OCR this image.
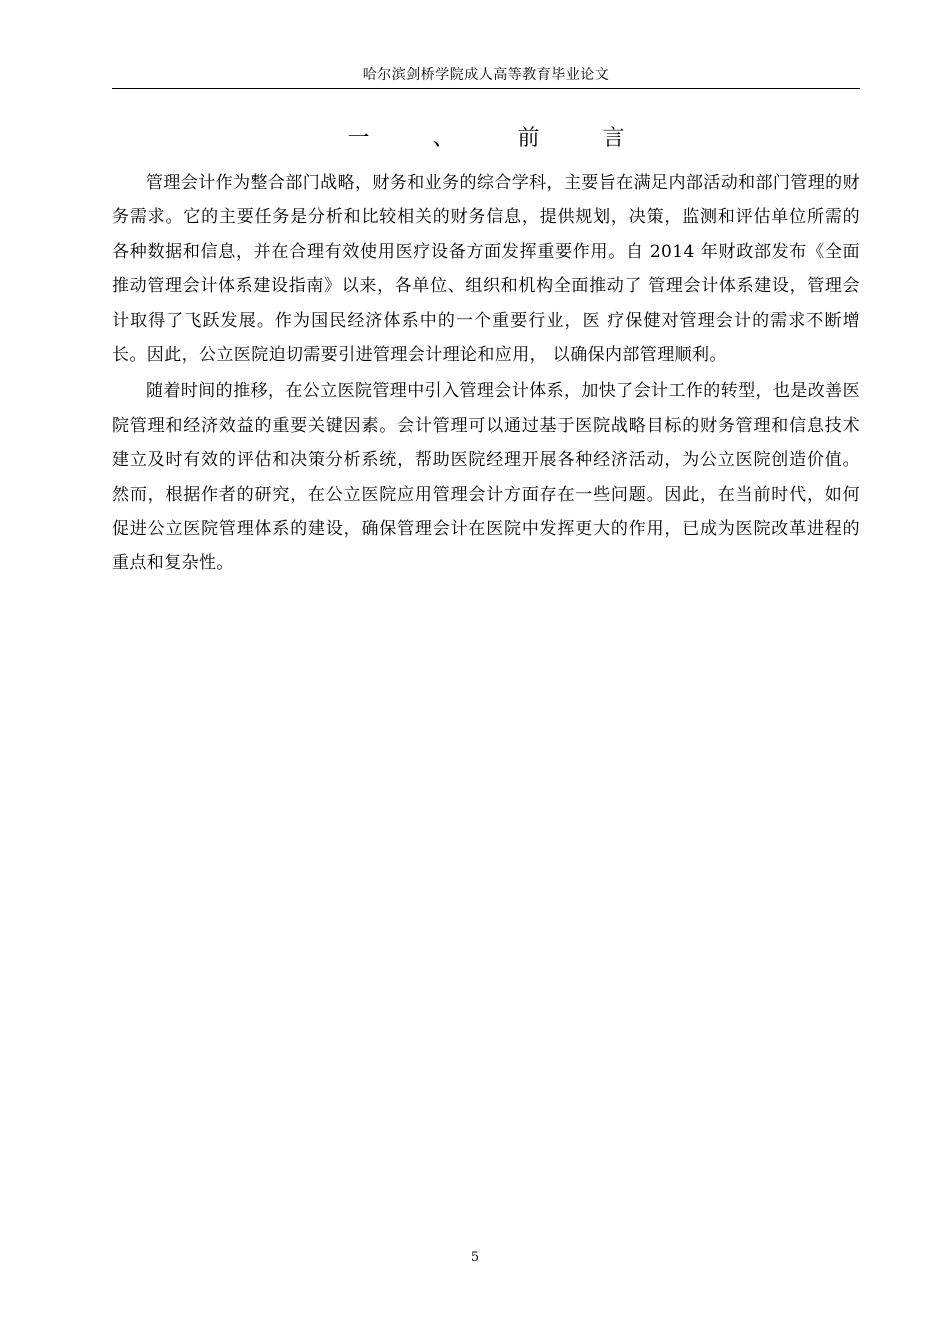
哈尔滨剑桥学院成人高等教育毕业论文
一 、 前 言

管理会计作为整合部门战略，财务和业务的综合学科，主要旨在满足内部活动和部门管理的财务需求。它的主要任务是分析和比较相关的财务信息，提供规划，决策，监测和评估单位所需的各种数据和信息，并在合理有效使用医疗设备方面发挥重要作用。自 2014 年财政部发布《全面推动管理会计体系建设指南》以来，各单位、组织和机构全面推动了 管理会计体系建设，管理会计取得了飞跃发展。作为国民经济体系中的一个重要行业，医 疗保健对管理会计的需求不断增长。因此，公立医院迫切需要引进管理会计理论和应用， 以确保内部管理顺利。

随着时间的推移，在公立医院管理中引入管理会计体系，加快了会计工作的转型，也是改善医院管理和经济效益的重要关键因素。会计管理可以通过基于医院战略目标的财务管理和信息技术建立及时有效的评估和决策分析系统，帮助医院经理开展各种经济活动，为公立医院创造价值。然而，根据作者的研究，在公立医院应用管理会计方面存在一些问题。因此，在当前时代，如何促进公立医院管理体系的建设，确保管理会计在医院中发挥更大的作用，已成为医院改革进程的重点和复杂性。

5
